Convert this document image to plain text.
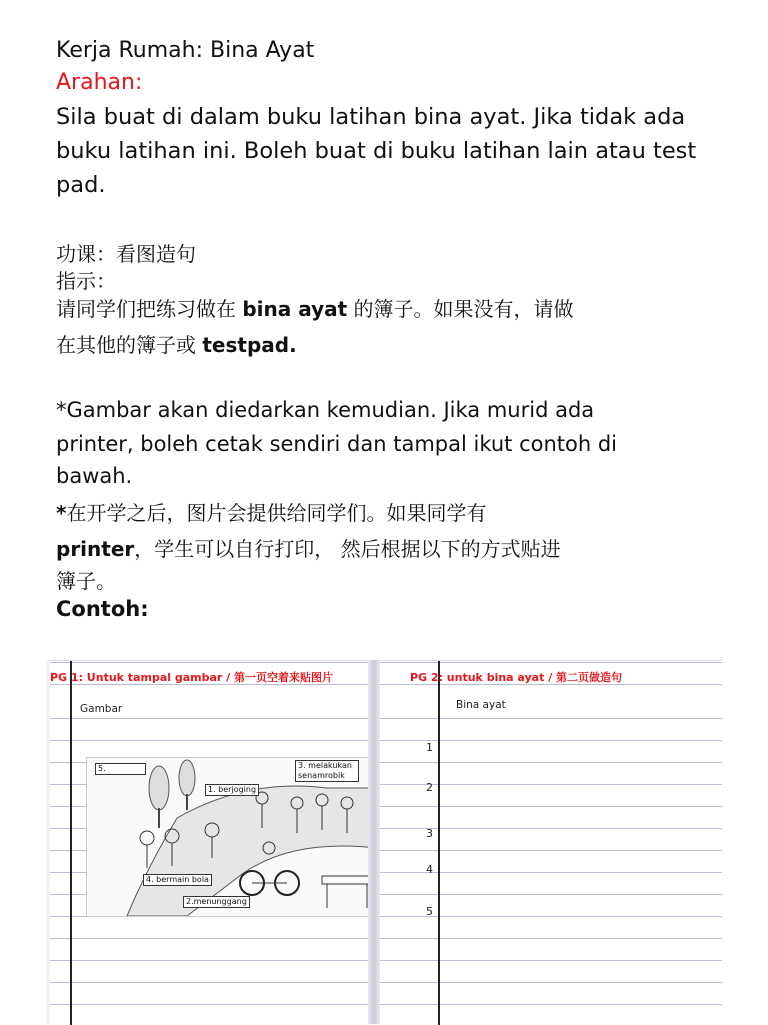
Kerja Rumah: Bina Ayat
Arahan:
Sila buat di dalam buku latihan bina ayat. Jika tidak ada buku latihan ini. Boleh buat di buku latihan lain atau test pad.
功课：看图造句
指示：
请同学们把练习做在 bina ayat 的簿子。如果没有，请做
在其他的簿子或 testpad.
*Gambar akan diedarkan kemudian. Jika murid ada
printer, boleh cetak sendiri dan tampal ikut contoh di
bawah.
*在开学之后，图片会提供给同学们。如果同学有
printer，学生可以自行打印， 然后根据以下的方式贴进
簿子。
Contoh:
PG 1: Untuk tampal gambar / 第一页空着来贴图片
Gambar
5.
1. berjoging
3. melakukan senamrobik
4. bermain bola
2.menunggang
PG 2: untuk bina ayat / 第二页做造句
Bina ayat
1
2
3
4
5
